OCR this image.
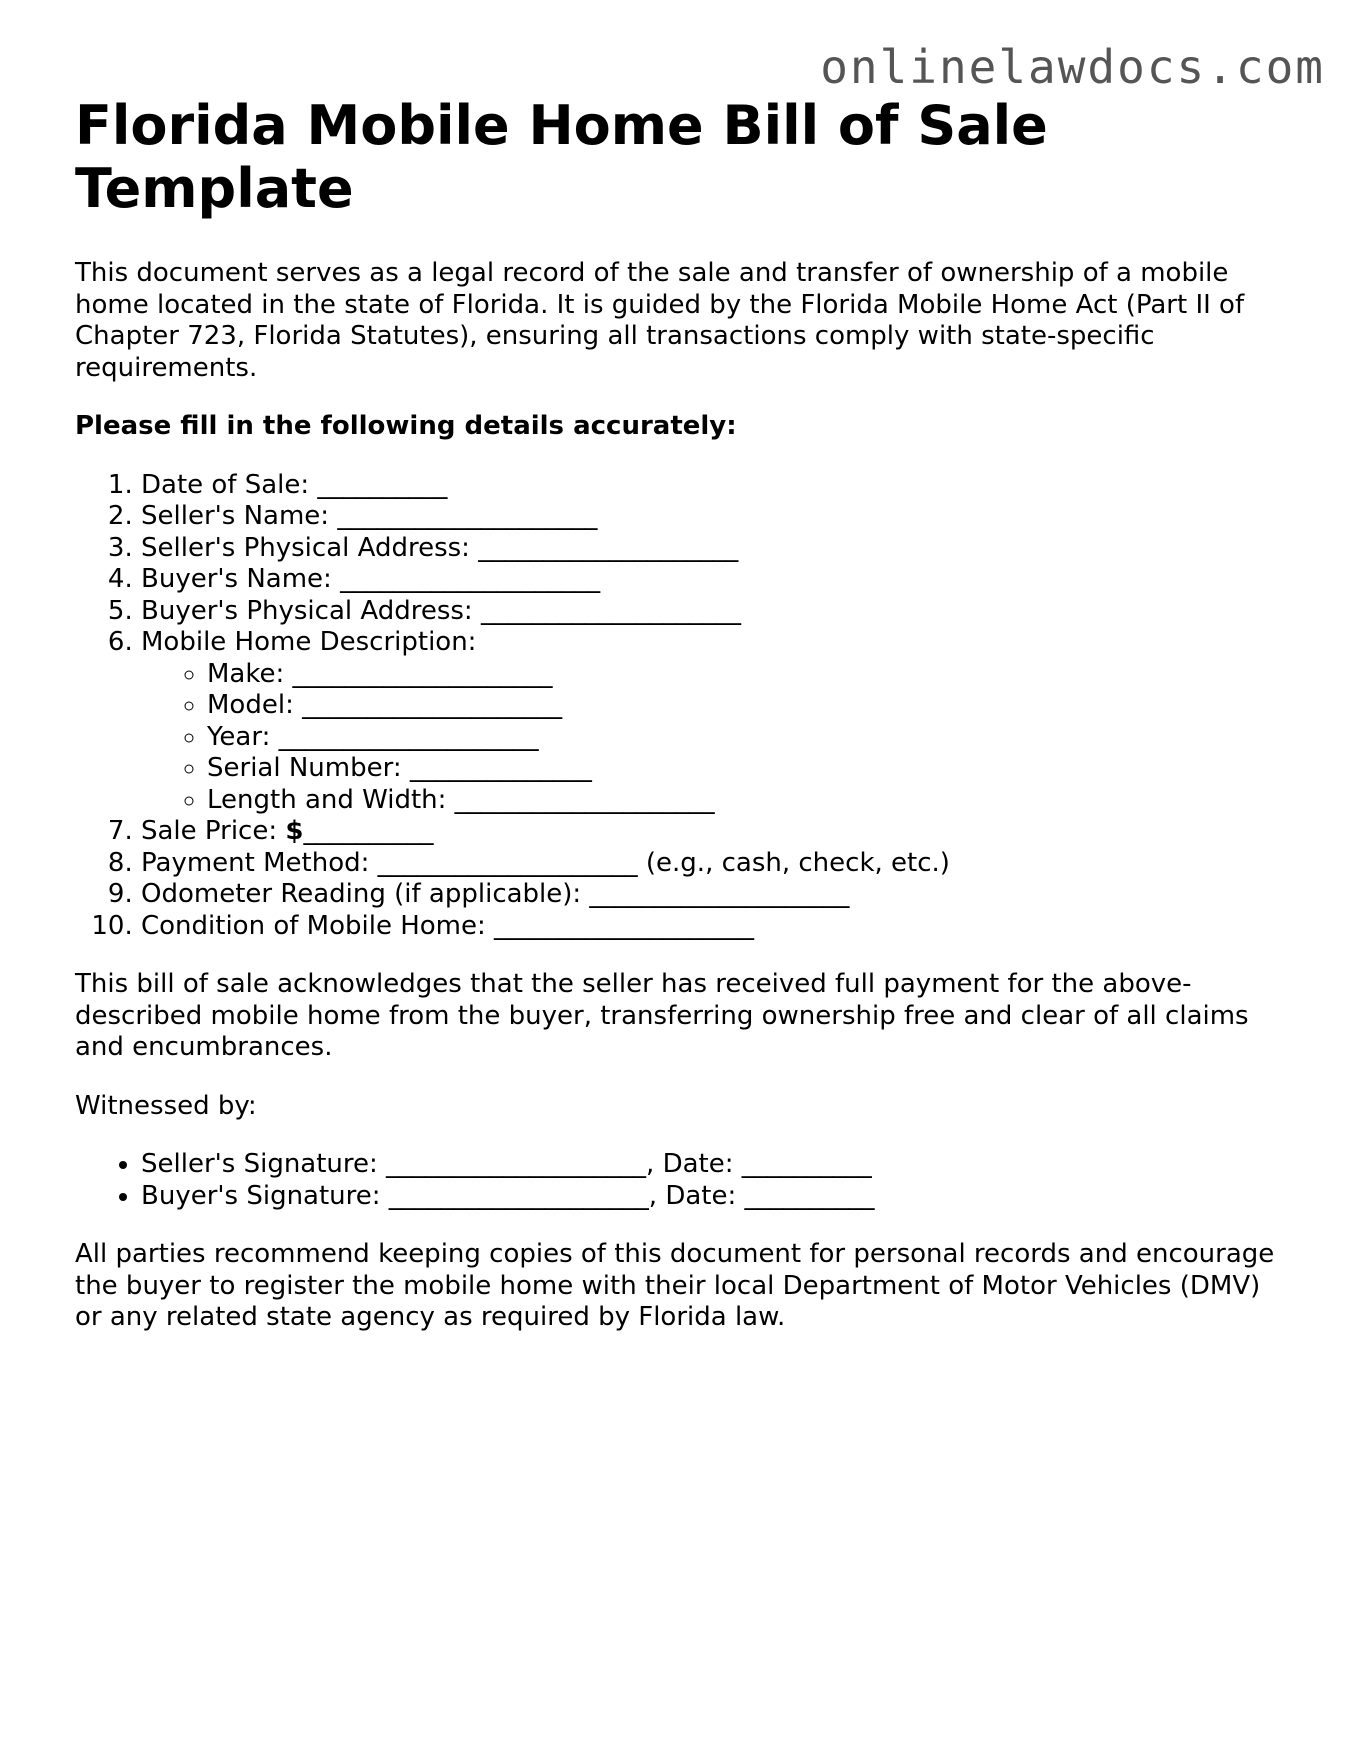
onlinelawdocs.com
Florida Mobile Home Bill of Sale Template

This document serves as a legal record of the sale and transfer of ownership of a mobile home located in the state of Florida. It is guided by the Florida Mobile Home Act (Part II of Chapter 723, Florida Statutes), ensuring all transactions comply with state-specific requirements.

Please fill in the following details accurately:

1. Date of Sale: __________
2. Seller's Name: ____________________
3. Seller's Physical Address: ____________________
4. Buyer's Name: ____________________
5. Buyer's Physical Address: ____________________
6. Mobile Home Description:
◦ Make: ____________________
◦ Model: ____________________
◦ Year: ____________________
◦ Serial Number: ______________
◦ Length and Width: ____________________
7. Sale Price: $__________
8. Payment Method: ____________________ (e.g., cash, check, etc.)
9. Odometer Reading (if applicable): ____________________
10. Condition of Mobile Home: ____________________

This bill of sale acknowledges that the seller has received full payment for the above-described mobile home from the buyer, transferring ownership free and clear of all claims and encumbrances.

Witnessed by:

• Seller's Signature: ____________________, Date: __________
• Buyer's Signature: ____________________, Date: __________

All parties recommend keeping copies of this document for personal records and encourage the buyer to register the mobile home with their local Department of Motor Vehicles (DMV) or any related state agency as required by Florida law.
